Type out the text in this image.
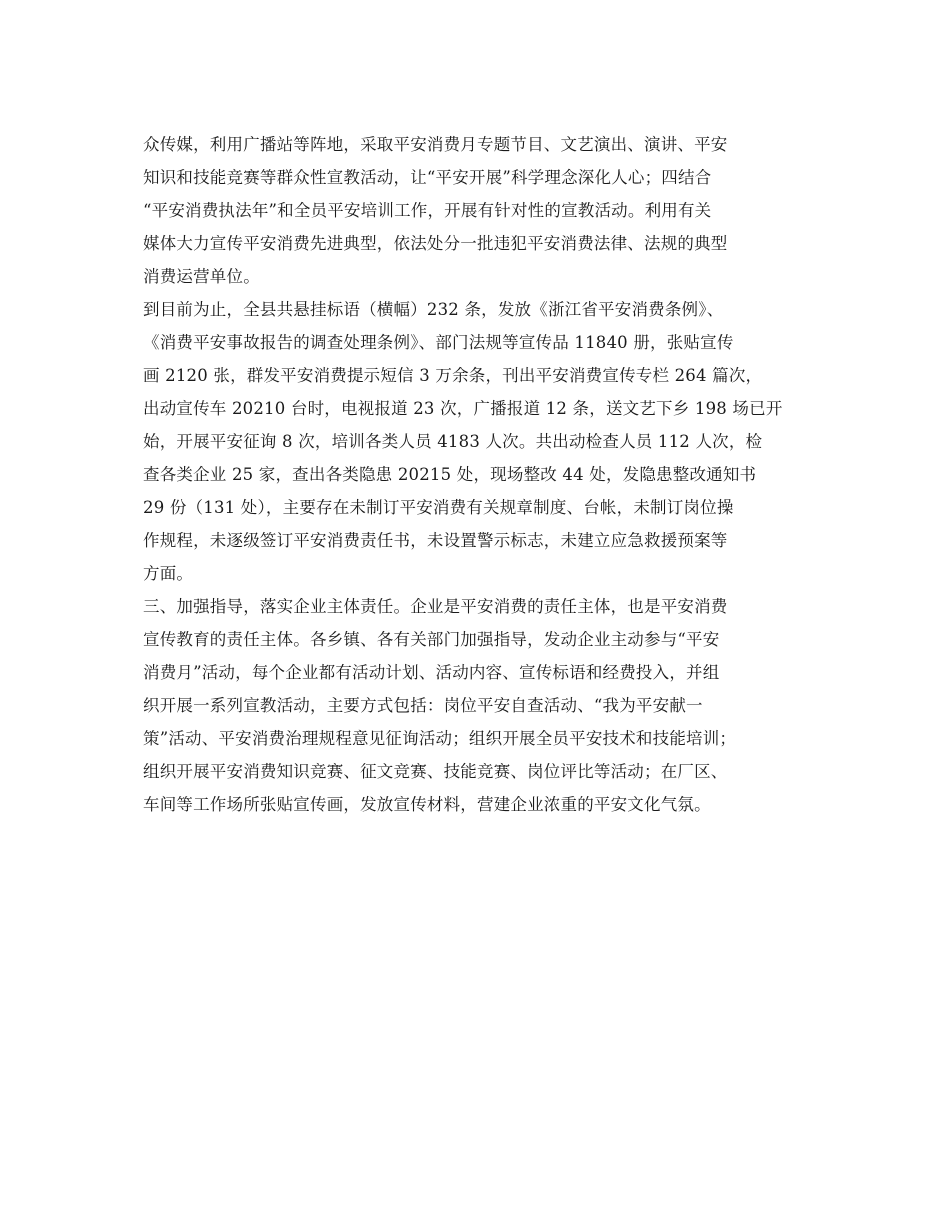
众传媒，利用广播站等阵地，采取平安消费月专题节目、文艺演出、演讲、平安
知识和技能竞赛等群众性宣教活动，让“平安开展”科学理念深化人心；四结合
“平安消费执法年”和全员平安培训工作，开展有针对性的宣教活动。利用有关
媒体大力宣传平安消费先进典型，依法处分一批违犯平安消费法律、法规的典型
消费运营单位。
到目前为止，全县共悬挂标语（横幅）232 条，发放《浙江省平安消费条例》、
《消费平安事故报告的调查处理条例》、部门法规等宣传品 11840 册，张贴宣传
画 2120 张，群发平安消费提示短信 3 万余条，刊出平安消费宣传专栏 264 篇次，
出动宣传车 20210 台时，电视报道 23 次，广播报道 12 条，送文艺下乡 198 场已开
始，开展平安征询 8 次，培训各类人员 4183 人次。共出动检查人员 112 人次，检
查各类企业 25 家，查出各类隐患 20215 处，现场整改 44 处，发隐患整改通知书
29 份（131 处），主要存在未制订平安消费有关规章制度、台帐，未制订岗位操
作规程，未逐级签订平安消费责任书，未设置警示标志，未建立应急救援预案等
方面。
三、加强指导，落实企业主体责任。企业是平安消费的责任主体，也是平安消费
宣传教育的责任主体。各乡镇、各有关部门加强指导，发动企业主动参与“平安
消费月”活动，每个企业都有活动计划、活动内容、宣传标语和经费投入，并组
织开展一系列宣教活动，主要方式包括：岗位平安自查活动、“我为平安献一
策”活动、平安消费治理规程意见征询活动；组织开展全员平安技术和技能培训；
组织开展平安消费知识竞赛、征文竞赛、技能竞赛、岗位评比等活动；在厂区、
车间等工作场所张贴宣传画，发放宣传材料，营建企业浓重的平安文化气氛。
